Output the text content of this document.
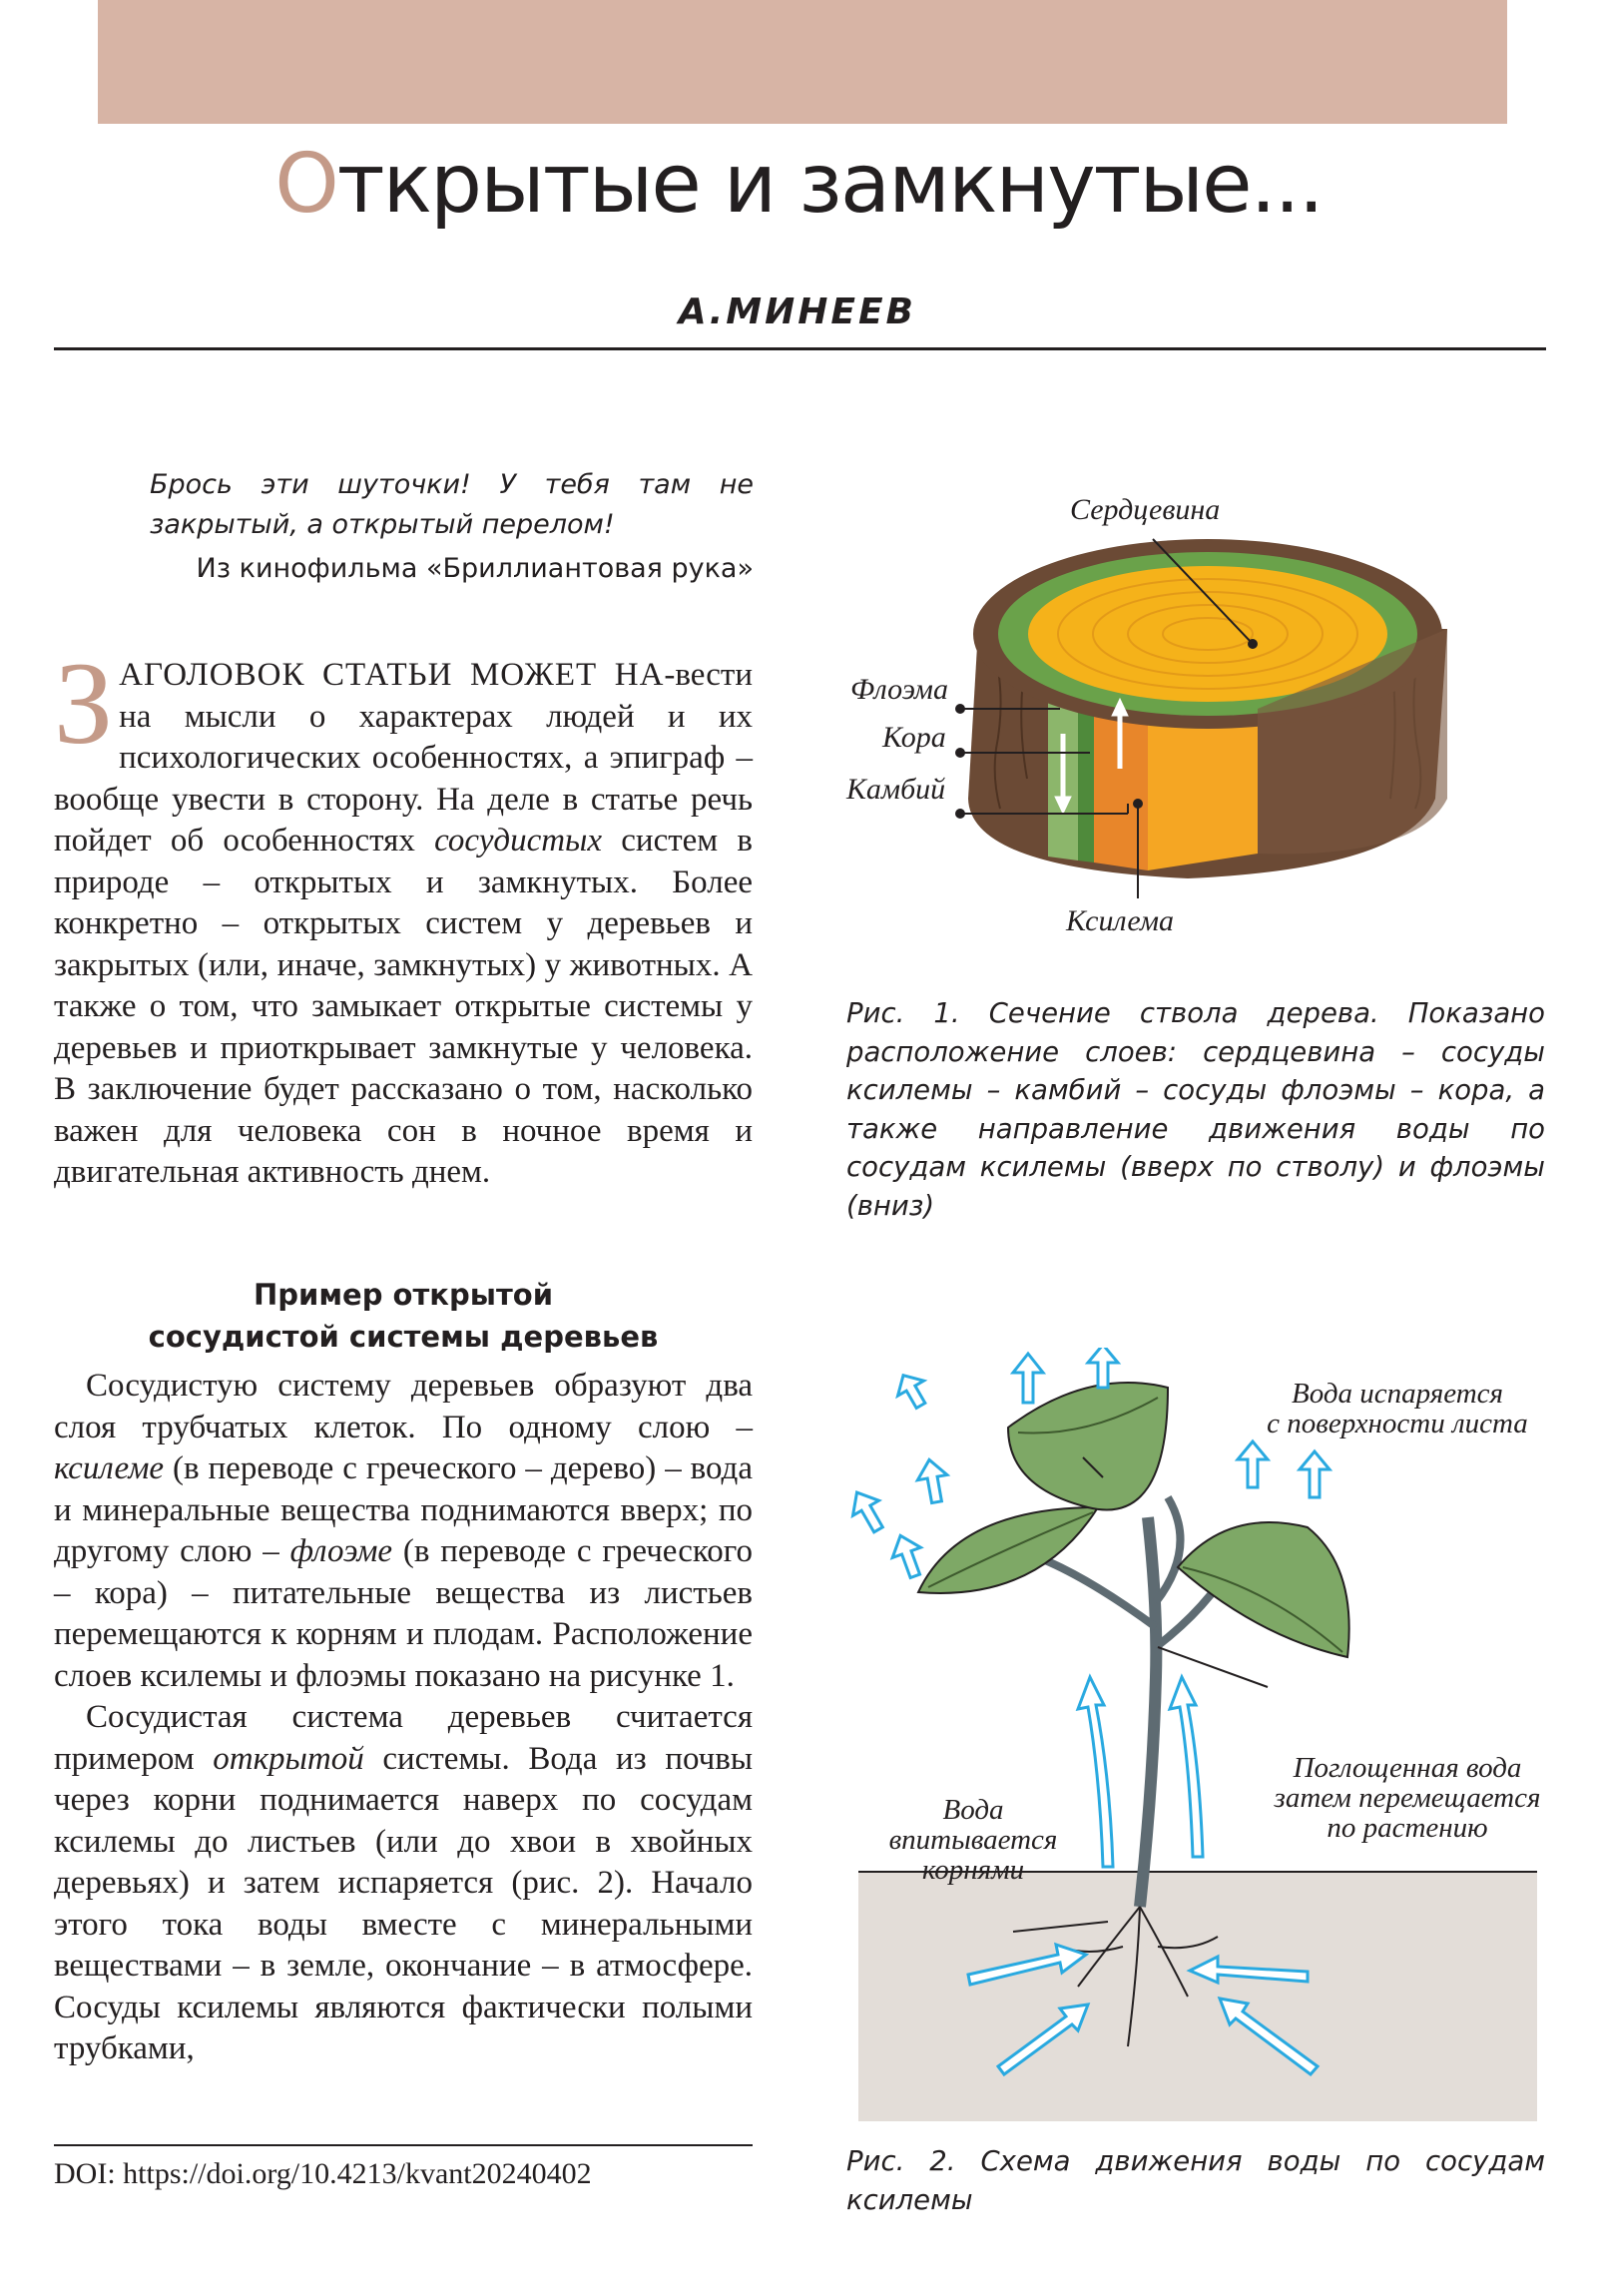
Открытые и замкнутые...
А.МИНЕЕВ
Брось эти шуточки! У тебя там не закрытый, а открытый перелом!
Из кинофильма «Бриллиантовая рука»

ЗАГОЛОВОК СТАТЬИ МОЖЕТ НА-вести на мысли о характерах людей и их психологических особенностях, а эпиграф – вообще увести в сторону. На деле в статье речь пойдет об особенностях сосудистых систем в природе – открытых и замкнутых. Более конкретно – открытых систем у деревьев и закрытых (или, иначе, замкнутых) у животных. А также о том, что замыкает открытые системы у деревьев и приоткрывает замкнутые у человека. В заключение будет рассказано о том, насколько важен для человека сон в ночное время и двигательная активность днем.

Пример открытой
сосудистой системы деревьев

Сосудистую систему деревьев образуют два слоя трубчатых клеток. По одному слою – ксилеме (в переводе с греческого – дерево) – вода и минеральные вещества поднимаются вверх; по другому слою – флоэме (в переводе с греческого – кора) – питательные вещества из листьев перемещаются к корням и плодам. Расположение слоев ксилемы и флоэмы показано на рисунке 1.

Сосудистая система деревьев считается примером открытой системы. Вода из почвы через корни поднимается наверх по сосудам ксилемы до листьев (или до хвои в хвойных деревьях) и затем испаряется (рис. 2). Начало этого тока воды вместе с минеральными веществами – в земле, окончание – в атмосфере. Сосуды ксилемы являются фактически полыми трубками,

DOI: https://doi.org/10.4213/kvant20240402
Сердцевина
Флоэма
Кора
Камбий
Ксилема
Рис. 1. Сечение ствола дерева. Показано расположение слоев: сердцевина – сосуды ксилемы – камбий – сосуды флоэмы – кора, а также направление движения воды по сосудам ксилемы (вверх по стволу) и флоэмы (вниз)
Вода испаряется
с поверхности листа
Поглощенная вода
затем перемещается
по растению
Вода
впитывается
корнями
Рис. 2. Схема движения воды по сосудам ксилемы
